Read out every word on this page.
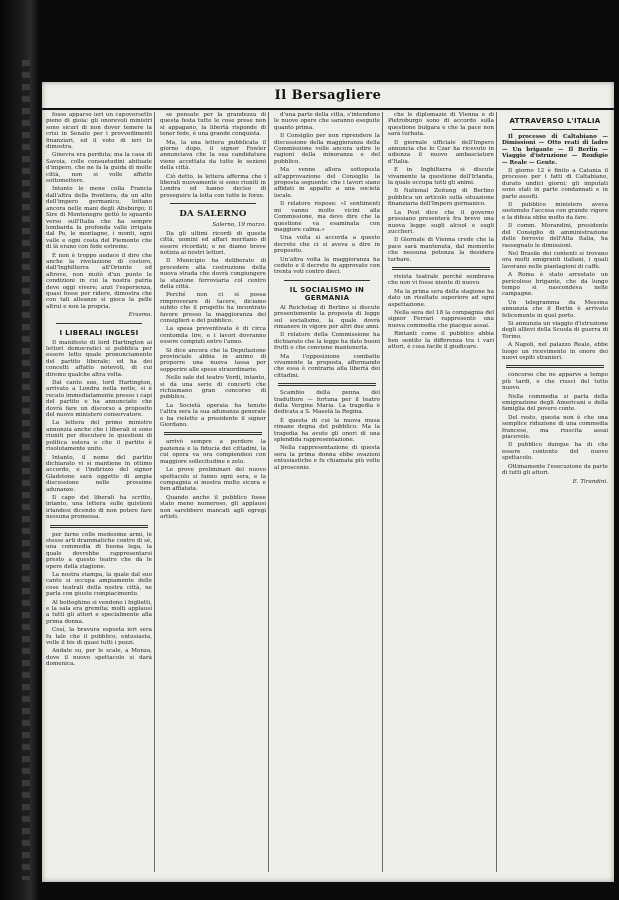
Il Bersagliere

fosse apparso ieri un capoversetto pieno di gioia: gli onorevoli ministri sono sicuri di non dover temere la crisi in Senato per i provvedimenti finanziari, ed il voto di ieri lo dimostra.

Ginevra era perduta; ma la casa di Savoia, colle consuetudini abituate d'impero, che ne fa la guida di molte città, non si volle affatto sottomettere.

Intanto le mene colla Francia dall'altra della frontiera, da un alto dell'impero germanico, lottano ancora nelle mani degli Absburgo; il Sire di Montenegro gettò lo sguardo verso sull'Italia che ha sempre lombarda la profonda valle irrigata dal Po, le montagne, i monti, ogni valle e ogni costa del Piemonte che di là erano con fede estreme.

E non è troppo audace il dire che anche la rivelazione di costoro, dall'Inghilterra all'Oriente ed altrove, non mutò d'un punto le condizioni in cui la nostra patria deve oggi vivere; anzi l'esperienza, quasi fosse per ridere, dimostra che con tali alleanze si gioca la pelle altrui e non la propria.

Erasmo.
I LIBERALI INGLESI

Il manifesto di lord Hartington ai lettori democratici si pubblica per essere letto quale pronunciamento del partito liberale; ed ha dei concetti affatto notevoli, di cui diremo qualche altra volta.

Dal canto suo, lord Hartington, arrivato a Londra nella notte, si è recato immediatamente presso i capi del partito e ha annunciato che dovrà fare un discorso a proposito del nuovo ministero conservatore.

La lettera del primo ministro annunzia anche che i liberali si sono riuniti per discutere le questioni di politica estera e che il partito è risolutamente unito.

Intanto, il nome del partito dichiarato vi si mantiene in ottimo accordo, e l'indirizzo del signor Gladstone sarà oggetto di ampia discussione nelle prossime adunanze.

Il capo dei liberali ha scritto, intanto, una lettera sulle quistioni irlandesi dicendo di non potere fare nessuna promessa.

per farne colle medesime armi, le stesse arti drammatiche contro di sè, una commedia di buona lega, la quale dovrebbe rappresentarsi presto a questo teatro che dà le opere della stagione.

La nostra stampa, la quale dal suo canto si occupa ampiamente delle cose teatrali della nostra città, ne parla con giusto compiacimento.

Al botteghino si vendono i biglietti, e la sala era gremita; molti applausi a tutti gli attori e specialmente alla prima donna.

Cosí, la bravura esposta ieri sera fu tale che il pubblico, entusiasta, volle il bis di quasi tutti i pezzi.

Andate su, per le scale, a Monza, dove il nuovo spettacolo si darà domenica.

se pensate per la grandezza di questa festa tutte le cose prese non si appagano, la libertà risponde di tener fede, è una grande conquista.

Ma, la una lettera pubblicata il giorno dopo, il signor Fowler annunciava che la sua candidatura viene accettata da tutte le sezioni della città.

Ciò detto, la lettera afferma che i liberali nuovamente si sono riuniti in Londra ed hanno deciso di proseguire la lotta con tutte le forze.

DA SALERNO
Salerno, 19 marzo.

Da gli ultimi ricordi di questa città, uomini ed affari meritano di essere ricordati; e ne diamo breve notizia ai nostri lettori.

Il Municipio ha deliberato di procedere alla costruzione della nuova strada che dovrà congiungere la stazione ferroviaria col centro della città.

Perché non ci si possa rimproverare di tacere, diciamo subito che il progetto ha incontrato favore presso la maggioranza dei consiglieri e del pubblico.

La spesa preventivata è di circa centomila lire, e i lavori dovranno essere compiuti entro l'anno.

Si dice ancora che la Deputazione provinciale abbia in animo di proporre una nuova tassa per sopperire alle spese straordinarie.

Nelle sale del teatro Verdi, intanto, si dà una serie di concerti che richiamano gran concorso di pubblico.

La Società operaia ha tenuto l'altra sera la sua adunanza generale e ha rieletto a presidente il signor Giordano.

arrivò sempre a perdere la pazienza e la fiducia dei cittadini, la cui opera va ora compiendosi con maggiore sollecitudine e zelo.

Le prove preliminari del nuovo spettacolo si fanno ogni sera, e la compagnia si mostra molto sicura e ben affiatata.

Quando anche il pubblico fosse stato meno numeroso, gli applausi non sarebbero mancati agli egregi artisti.

d'una parte della città, s'intendono le nuove opere che saranno eseguite quanto prima.

Il Consiglio per non riprendere la discussione della maggioranza della Commissione volle ancora udire le ragioni della minoranza e del pubblico.

Ma venne allora sottoposta all'approvazione del Consiglio la proposta seguente: che i lavori siano affidati in appalto a una società locale.

Il relatore rispose: «I sentimenti mi vanno molto vicini alla Commissione, ma devo dire che la questione va esaminata con maggiore calma.»

Una volta si accorda a questo decreto che ci si aveva a dire in proposito.

Un'altra volta la maggioranza ha ceduto e il decreto fu approvato con trenta voti contro dieci.

IL SOCIALISMO IN GERMANIA

Al Reichstag di Berlino si discute presentemente la proposta di legge sul socialismo, la quale dovrà rimanere in vigore per altri due anni.

Il relatore della Commissione ha dichiarato che la legge ha dato buoni frutti e che conviene mantenerla.

Ma l'opposizione combatte vivamente la proposta, affermando che essa è contraria alla libertà dei cittadini.

Scambio della penna del traduttore — fortuna per il teatro della Vergine Maria. La tragedia è dedicata a S. Maestà la Regina.

È questa di cui la nuova musa rimane degna del pubblico. Ma la tragedia ha avuto gli onori di una splendida rappresentazione.

Nella rappresentazione di questa sera la prima donna ebbe ovazioni entusiastiche e fu chiamata più volte al proscenio.

che le diplomazie di Vienna e di Pietroburgo sono di accordo sulla questione bulgara e che la pace non sarà turbata.

Il giornale ufficiale dell'Impero annuncia che lo Czar ha ricevuto in udienza il nuovo ambasciatore d'Italia.

E in Inghilterra si discute vivamente la questione dell'Irlanda, la quale occupa tutti gli animi.

Il National Zeitung di Berlino pubblica un articolo sulla situazione finanziaria dell'Impero germanico.

La Post dice che il governo prussiano presenterà fra breve una nuova legge sugli alcool e sugli zuccheri.

Il Giornale di Vienna crede che la pace sarà mantenuta, dal momento che nessuna potenza la desidera turbare.

rivista teatrale perché sembrava che non vi fosse niente di nuovo.

Ma la prima sera della stagione ha dato un risultato superiore ad ogni aspettazione.

Nella sera del 18 la compagnia del signor Ferrari rappresentò una nuova commedia che piacque assai.

Rintanti come il pubblico abbia ben sentito la differenza tra i vari attori, è cosa facile il giudicare.

ATTRAVERSO L'ITALIA

Il processo di Caltabiano — Dimissioni — Otto reati di ladro — Un brigante — Il Berlin — Viaggio d'istruzione — Ronfigio — Reale — Gente.

Il giorno 12 è finito a Catania il processo per i fatti di Caltabiano, durato undici giorni; gli imputati sono stati in parte condannati e in parte assolti.

Il pubblico ministero aveva sostenuto l'accusa con grande vigore e la difesa ebbe molto da fare.

Il comm. Morandini, presidente del Consiglio di amministrazione delle ferrovie dell'Alta Italia, ha rassegnato le dimissioni.

Nel Brasile dei contenti si trovano ora molti emigranti italiani, i quali lavorano nelle piantagioni di caffè.

A Roma è stato arrestato un pericoloso brigante, che da lungo tempo si nascondeva nelle campagne.

Un telegramma da Messina annunzia che il Berlin è arrivato felicemente in quel porto.

Si annunzia un viaggio d'istruzione degli allievi della Scuola di guerra di Torino.

A Napoli, nel palazzo Reale, ebbe luogo un ricevimento in onore dei nuovi ospiti stranieri.

concorso che ne apparve a tempo più tardi, e che riuscì del tutto nuovo.

Nella commedia si parla della emigrazione degli Americani e della famiglia del povero conte.

Del resto, questa non è che una semplice riduzione di una commedia francese, ma riuscita assai piacevole.

Il pubblico dunque ha di che essere contento del nuovo spettacolo.

Ottimamente l'esecuzione da parte di tutti gli attori.

E. Tirandini.
